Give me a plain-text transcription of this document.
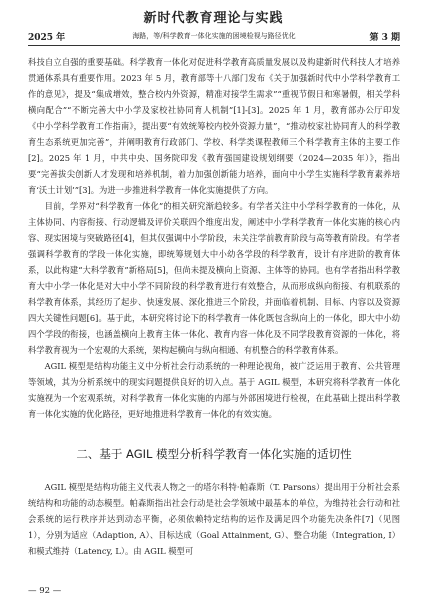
新时代教育理论与实践
2025 年	海路，等/科学教育一体化实施的困境检视与路径优化	第 3 期

科技自立自强的重要基础。科学教育一体化对促进科学教育高质量发展以及构建新时代科技人才培养贯通体系具有重要作用。2023 年 5 月，教育部等十八部门发布《关于加强新时代中小学科学教育工作的意见》，提及“集成增效，整合校内外资源，精准对接学生需求”“重视节假日和寒暑假，相关学科横向配合”“不断完善大中小学及家校社协同育人机制”[1]-[3]。2025 年 1 月，教育部办公厅印发《中小学科学教育工作指南》，提出要“有效统筹校内校外资源力量”，“推动校家社协同育人的科学教育生态系统更加完善”，并阐明教育行政部门、学校、科学类课程教师三个科学教育主体的主要工作[2]。2025 年 1 月，中共中央、国务院印发《教育强国建设规划纲要（2024—2035 年）》，指出要“完善拔尖创新人才发现和培养机制，着力加强创新能力培养，面向中小学生实施科学教育素养培育‘沃土计划’”[3]。为进一步推进科学教育一体化实施提供了方向。

目前，学界对“科学教育一体化”的相关研究渐趋较多。有学者关注中小学科学教育的一体化，从主体协同、内容衔接、行动逻辑及评价关联四个维度出发，阐述中小学科学教育一体化实施的核心内容、现实困境与突破路径[4]，但其仅强调中小学阶段，未关注学前教育阶段与高等教育阶段。有学者强调科学教育的学段一体化实施，即统筹规划大中小幼各学段的科学教育，设计有序进阶的教育体系，以此构建“大科学教育”新格局[5]，但尚未提及横向上资源、主体等的协同。也有学者指出科学教育大中小学一体化是对大中小学不同阶段的科学教育进行有效整合，从而形成纵向衔接、有机联系的科学教育体系，其经历了起步、快速发展、深化推进三个阶段，并面临着机制、目标、内容以及资源四大关键性问题[6]。基于此，本研究将讨论下的科学教育一体化既包含纵向上的一体化，即大中小幼四个学段的衔接，也涵盖横向上教育主体一体化、教育内容一体化及不同学段教育资源的一体化，将科学教育视为一个宏观的大系统，架构起横向与纵向相通、有机整合的科学教育体系。

AGIL 模型是结构功能主义中分析社会行动系统的一种理论视角，被广泛运用于教育、公共管理等领域，其为分析系统中的现实问题提供良好的切入点。基于 AGIL 模型，本研究将科学教育一体化实施视为一个宏观系统，对科学教育一体化实施的内部与外部困境进行检视，在此基础上提出科学教育一体化实施的优化路径，更好地推进科学教育一体化的有效实施。

二、基于 AGIL 模型分析科学教育一体化实施的适切性

AGIL 模型是结构功能主义代表人物之一的塔尔科特·帕森斯（T. Parsons）提出用于分析社会系统结构和功能的动态模型。帕森斯指出社会行动是社会学领域中最基本的单位，为维持社会行动和社会系统的运行秩序并达到动态平衡，必须依赖特定结构的运作及满足四个功能先决条件[7]（见图 1），分别为适应（Adaption, A）、目标达成（Goal Attainment, G）、整合功能（Integration, I）和模式维持（Latency, L）。由 AGIL 模型可

— 92 —
